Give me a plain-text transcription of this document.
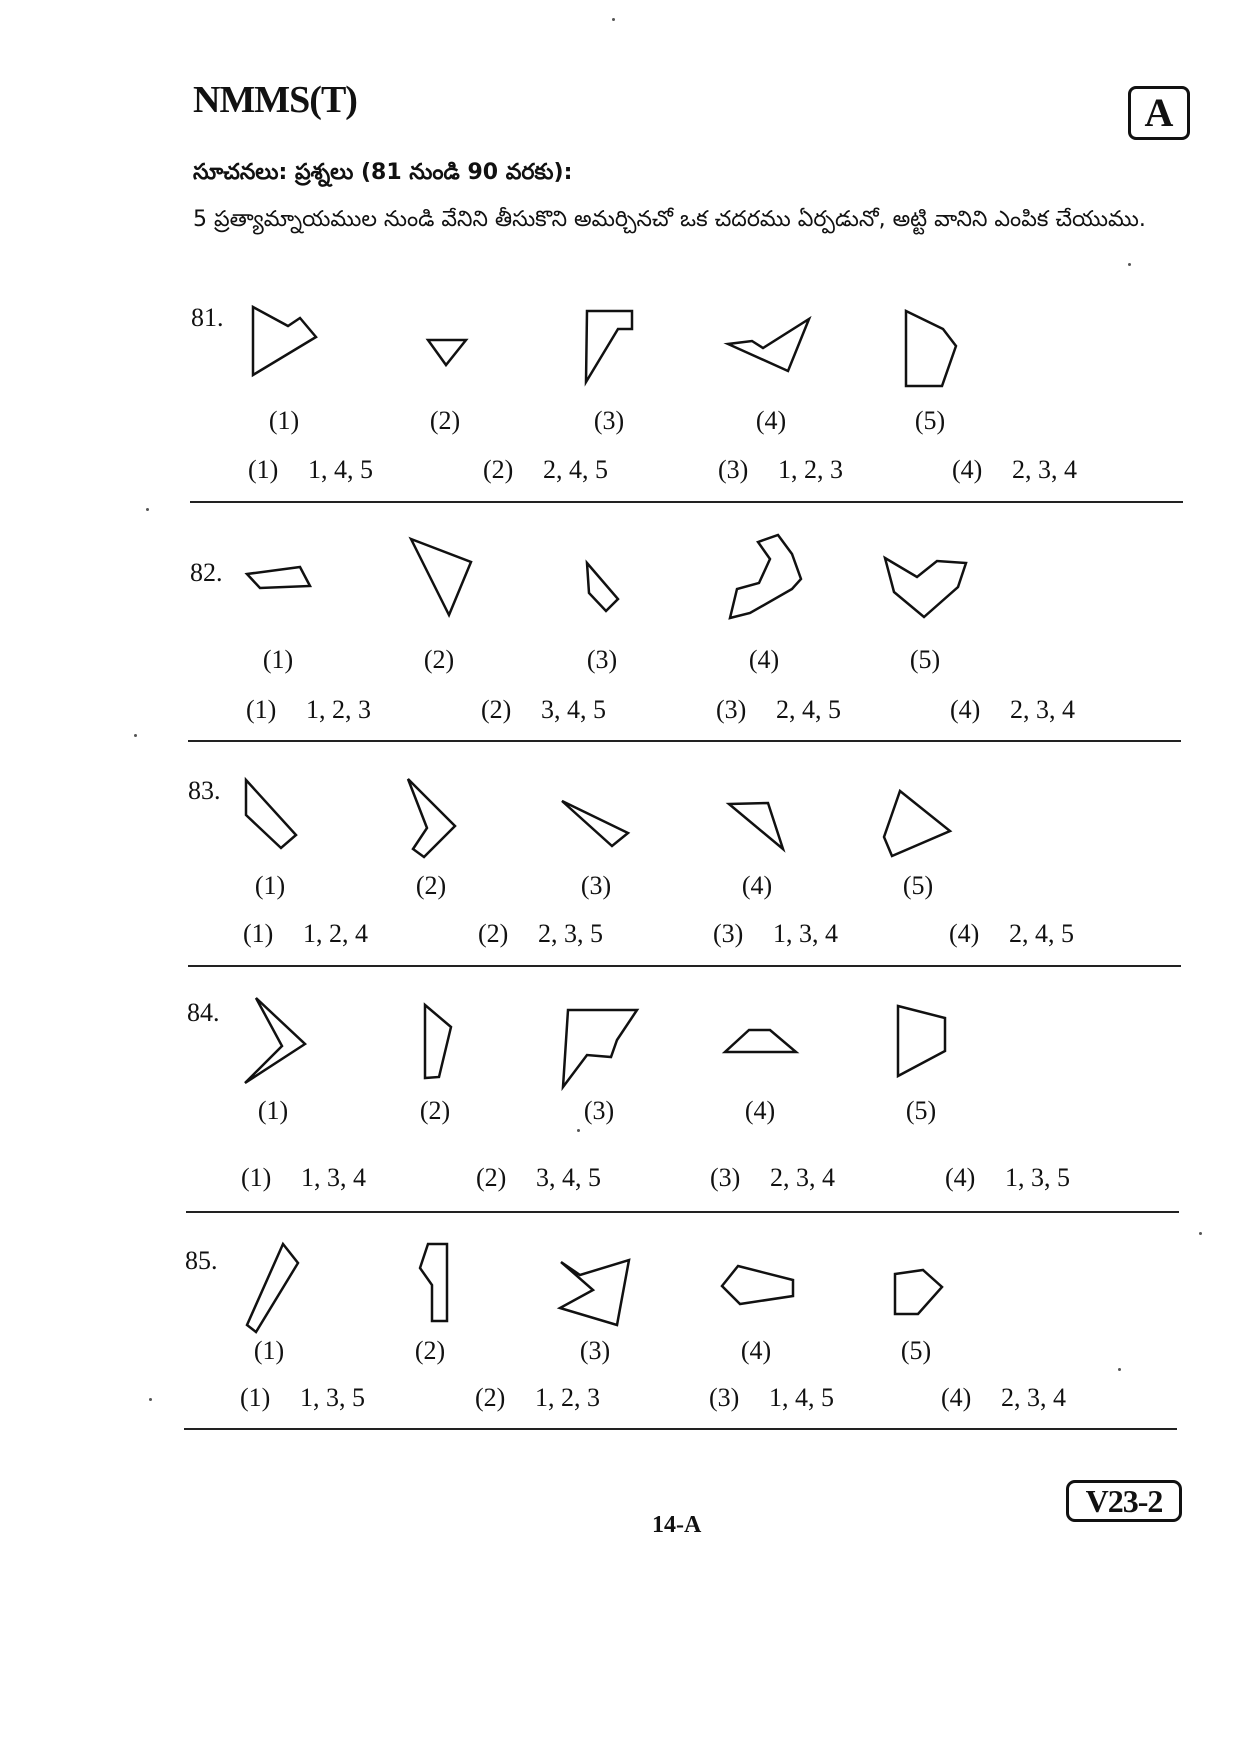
NMMS(T)	A
సూచనలు: ప్రశ్నలు (81 నుండి 90 వరకు):
5 ప్రత్యామ్నాయముల నుండి వేనిని తీసుకొని అమర్చినచో ఒక చదరము ఏర్పడునో, అట్టి వానిని ఎంపిక చేయుము.
81.
(1)	(2)	(3)	(4)	(5)
(1) 1, 4, 5	(2) 2, 4, 5	(3) 1, 2, 3	(4) 2, 3, 4
82.
(1)	(2)	(3)	(4)	(5)
(1) 1, 2, 3	(2) 3, 4, 5	(3) 2, 4, 5	(4) 2, 3, 4
83.
(1)	(2)	(3)	(4)	(5)
(1) 1, 2, 4	(2) 2, 3, 5	(3) 1, 3, 4	(4) 2, 4, 5
84.
(1)	(2)	(3)	(4)	(5)
(1) 1, 3, 4	(2) 3, 4, 5	(3) 2, 3, 4	(4) 1, 3, 5
85.
(1)	(2)	(3)	(4)	(5)
(1) 1, 3, 5	(2) 1, 2, 3	(3) 1, 4, 5	(4) 2, 3, 4
14-A
V23-2
